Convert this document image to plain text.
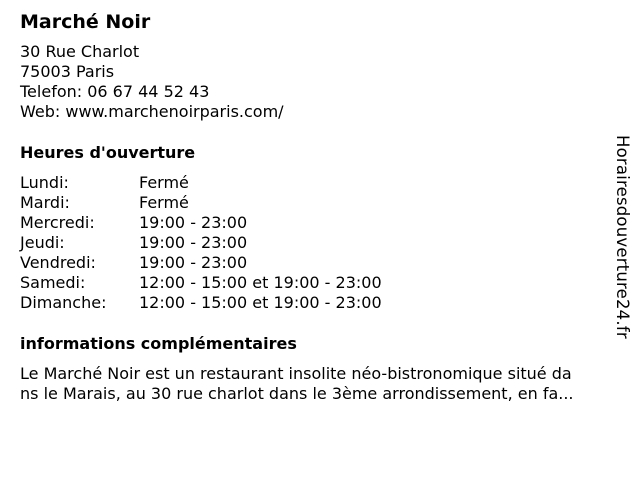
Marché Noir
30 Rue Charlot
75003 Paris
Telefon: 06 67 44 52 43
Web: www.marchenoirparis.com/
Heures d'ouverture
Lundi:	Fermé
Mardi:	Fermé
Mercredi:	19:00 - 23:00
Jeudi:	19:00 - 23:00
Vendredi:	19:00 - 23:00
Samedi:	12:00 - 15:00 et 19:00 - 23:00
Dimanche:	12:00 - 15:00 et 19:00 - 23:00
informations complémentaires
Le Marché Noir est un restaurant insolite néo-bistronomique situé da
ns le Marais, au 30 rue charlot dans le 3ème arrondissement, en fa...
Horairesdouverture24.fr
